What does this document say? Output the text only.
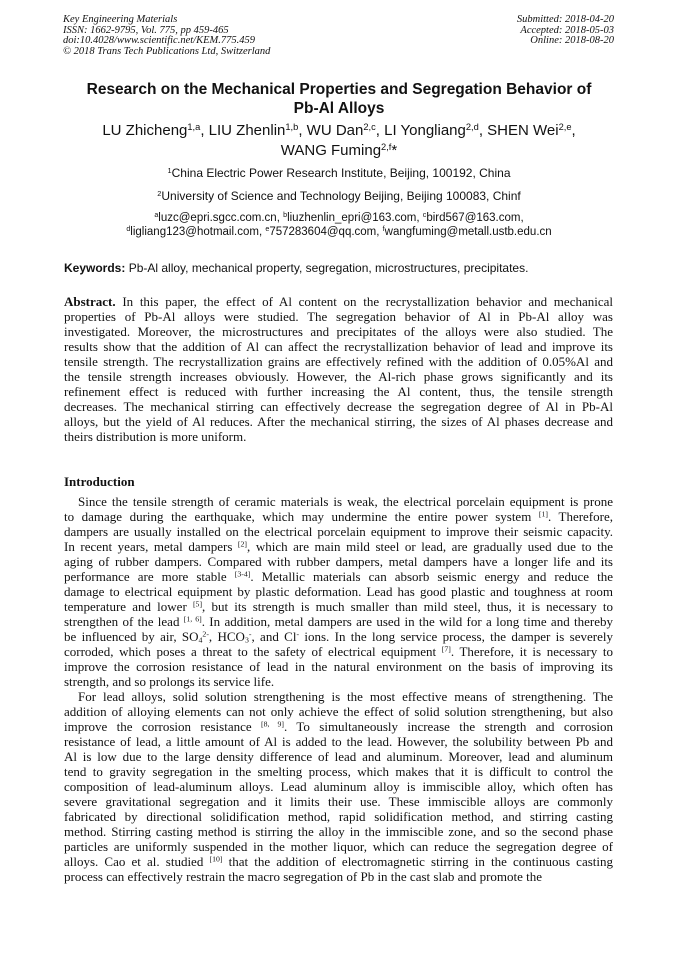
Key Engineering Materials
ISSN: 1662-9795, Vol. 775, pp 459-465
doi:10.4028/www.scientific.net/KEM.775.459
© 2018 Trans Tech Publications Ltd, Switzerland
Submitted: 2018-04-20
Accepted: 2018-05-03
Online: 2018-08-20
Research on the Mechanical Properties and Segregation Behavior of
Pb-Al Alloys
LU Zhicheng$^{1,a}$, LIU Zhenlin$^{1,b}$, WU Dan$^{2,c}$, LI Yongliang$^{2,d}$, SHEN Wei$^{2,e}$,
WANG Fuming$^{2,f}$*
$^1$China Electric Power Research Institute, Beijing, 100192, China
$^2$University of Science and Technology Beijing, Beijing 100083, Chinf
$^a$luzc@epri.sgcc.com.cn, $^b$liuzhenlin_epri@163.com, $^c$bird567@163.com,
$^d$ligliang123@hotmail.com, $^e$757283604@qq.com, $^f$wangfuming@metall.ustb.edu.cn
Keywords: Pb-Al alloy, mechanical property, segregation, microstructures, precipitates.
Abstract. In this paper, the effect of Al content on the recrystallization behavior and mechanical
properties of Pb-Al alloys were studied. The segregation behavior of Al in Pb-Al alloy was
investigated. Moreover, the microstructures and precipitates of the alloys were also studied. The
results show that the addition of Al can affect the recrystallization behavior of lead and improve its
tensile strength. The recrystallization grains are effectively refined with the addition of 0.05%Al and
the tensile strength increases obviously. However, the Al-rich phase grows significantly and its
refinement effect is reduced with further increasing the Al content, thus, the tensile strength
decreases. The mechanical stirring can effectively decrease the segregation degree of Al in Pb-Al
alloys, but the yield of Al reduces. After the mechanical stirring, the sizes of Al phases decrease and
theirs distribution is more uniform.
Introduction
Since the tensile strength of ceramic materials is weak, the electrical porcelain equipment is prone
to damage during the earthquake, which may undermine the entire power system [1]. Therefore,
dampers are usually installed on the electrical porcelain equipment to improve their seismic capacity.
In recent years, metal dampers [2], which are main mild steel or lead, are gradually used due to the
aging of rubber dampers. Compared with rubber dampers, metal dampers have a longer life and its
performance are more stable [3-4]. Metallic materials can absorb seismic energy and reduce the
damage to electrical equipment by plastic deformation. Lead has good plastic and toughness at room
temperature and lower [5], but its strength is much smaller than mild steel, thus, it is necessary to
strengthen of the lead [1, 6]. In addition, metal dampers are used in the wild for a long time and thereby
be influenced by air, $SO_4^{2-}$, $HCO_3^-$, and Cl- ions. In the long service process, the damper is severely
corroded, which poses a threat to the safety of electrical equipment [7]. Therefore, it is necessary to
improve the corrosion resistance of lead in the natural environment on the basis of improving its
strength, and so prolongs its service life.
For lead alloys, solid solution strengthening is the most effective means of strengthening. The
addition of alloying elements can not only achieve the effect of solid solution strengthening, but also
improve the corrosion resistance [8, 9]. To simultaneously increase the strength and corrosion
resistance of lead, a little amount of Al is added to the lead. However, the solubility between Pb and
Al is low due to the large density difference of lead and aluminum. Moreover, lead and aluminum
tend to gravity segregation in the smelting process, which makes that it is difficult to control the
composition of lead-aluminum alloys. Lead aluminum alloy is immiscible alloy, which often has
severe gravitational segregation and it limits their use. These immiscible alloys are commonly
fabricated by directional solidification method, rapid solidification method, and stirring casting
method. Stirring casting method is stirring the alloy in the immiscible zone, and so the second phase
particles are uniformly suspended in the mother liquor, which can reduce the segregation degree of
alloys. Cao et al. studied [10] that the addition of electromagnetic stirring in the continuous casting
process can effectively restrain the macro segregation of Pb in the cast slab and promote the
